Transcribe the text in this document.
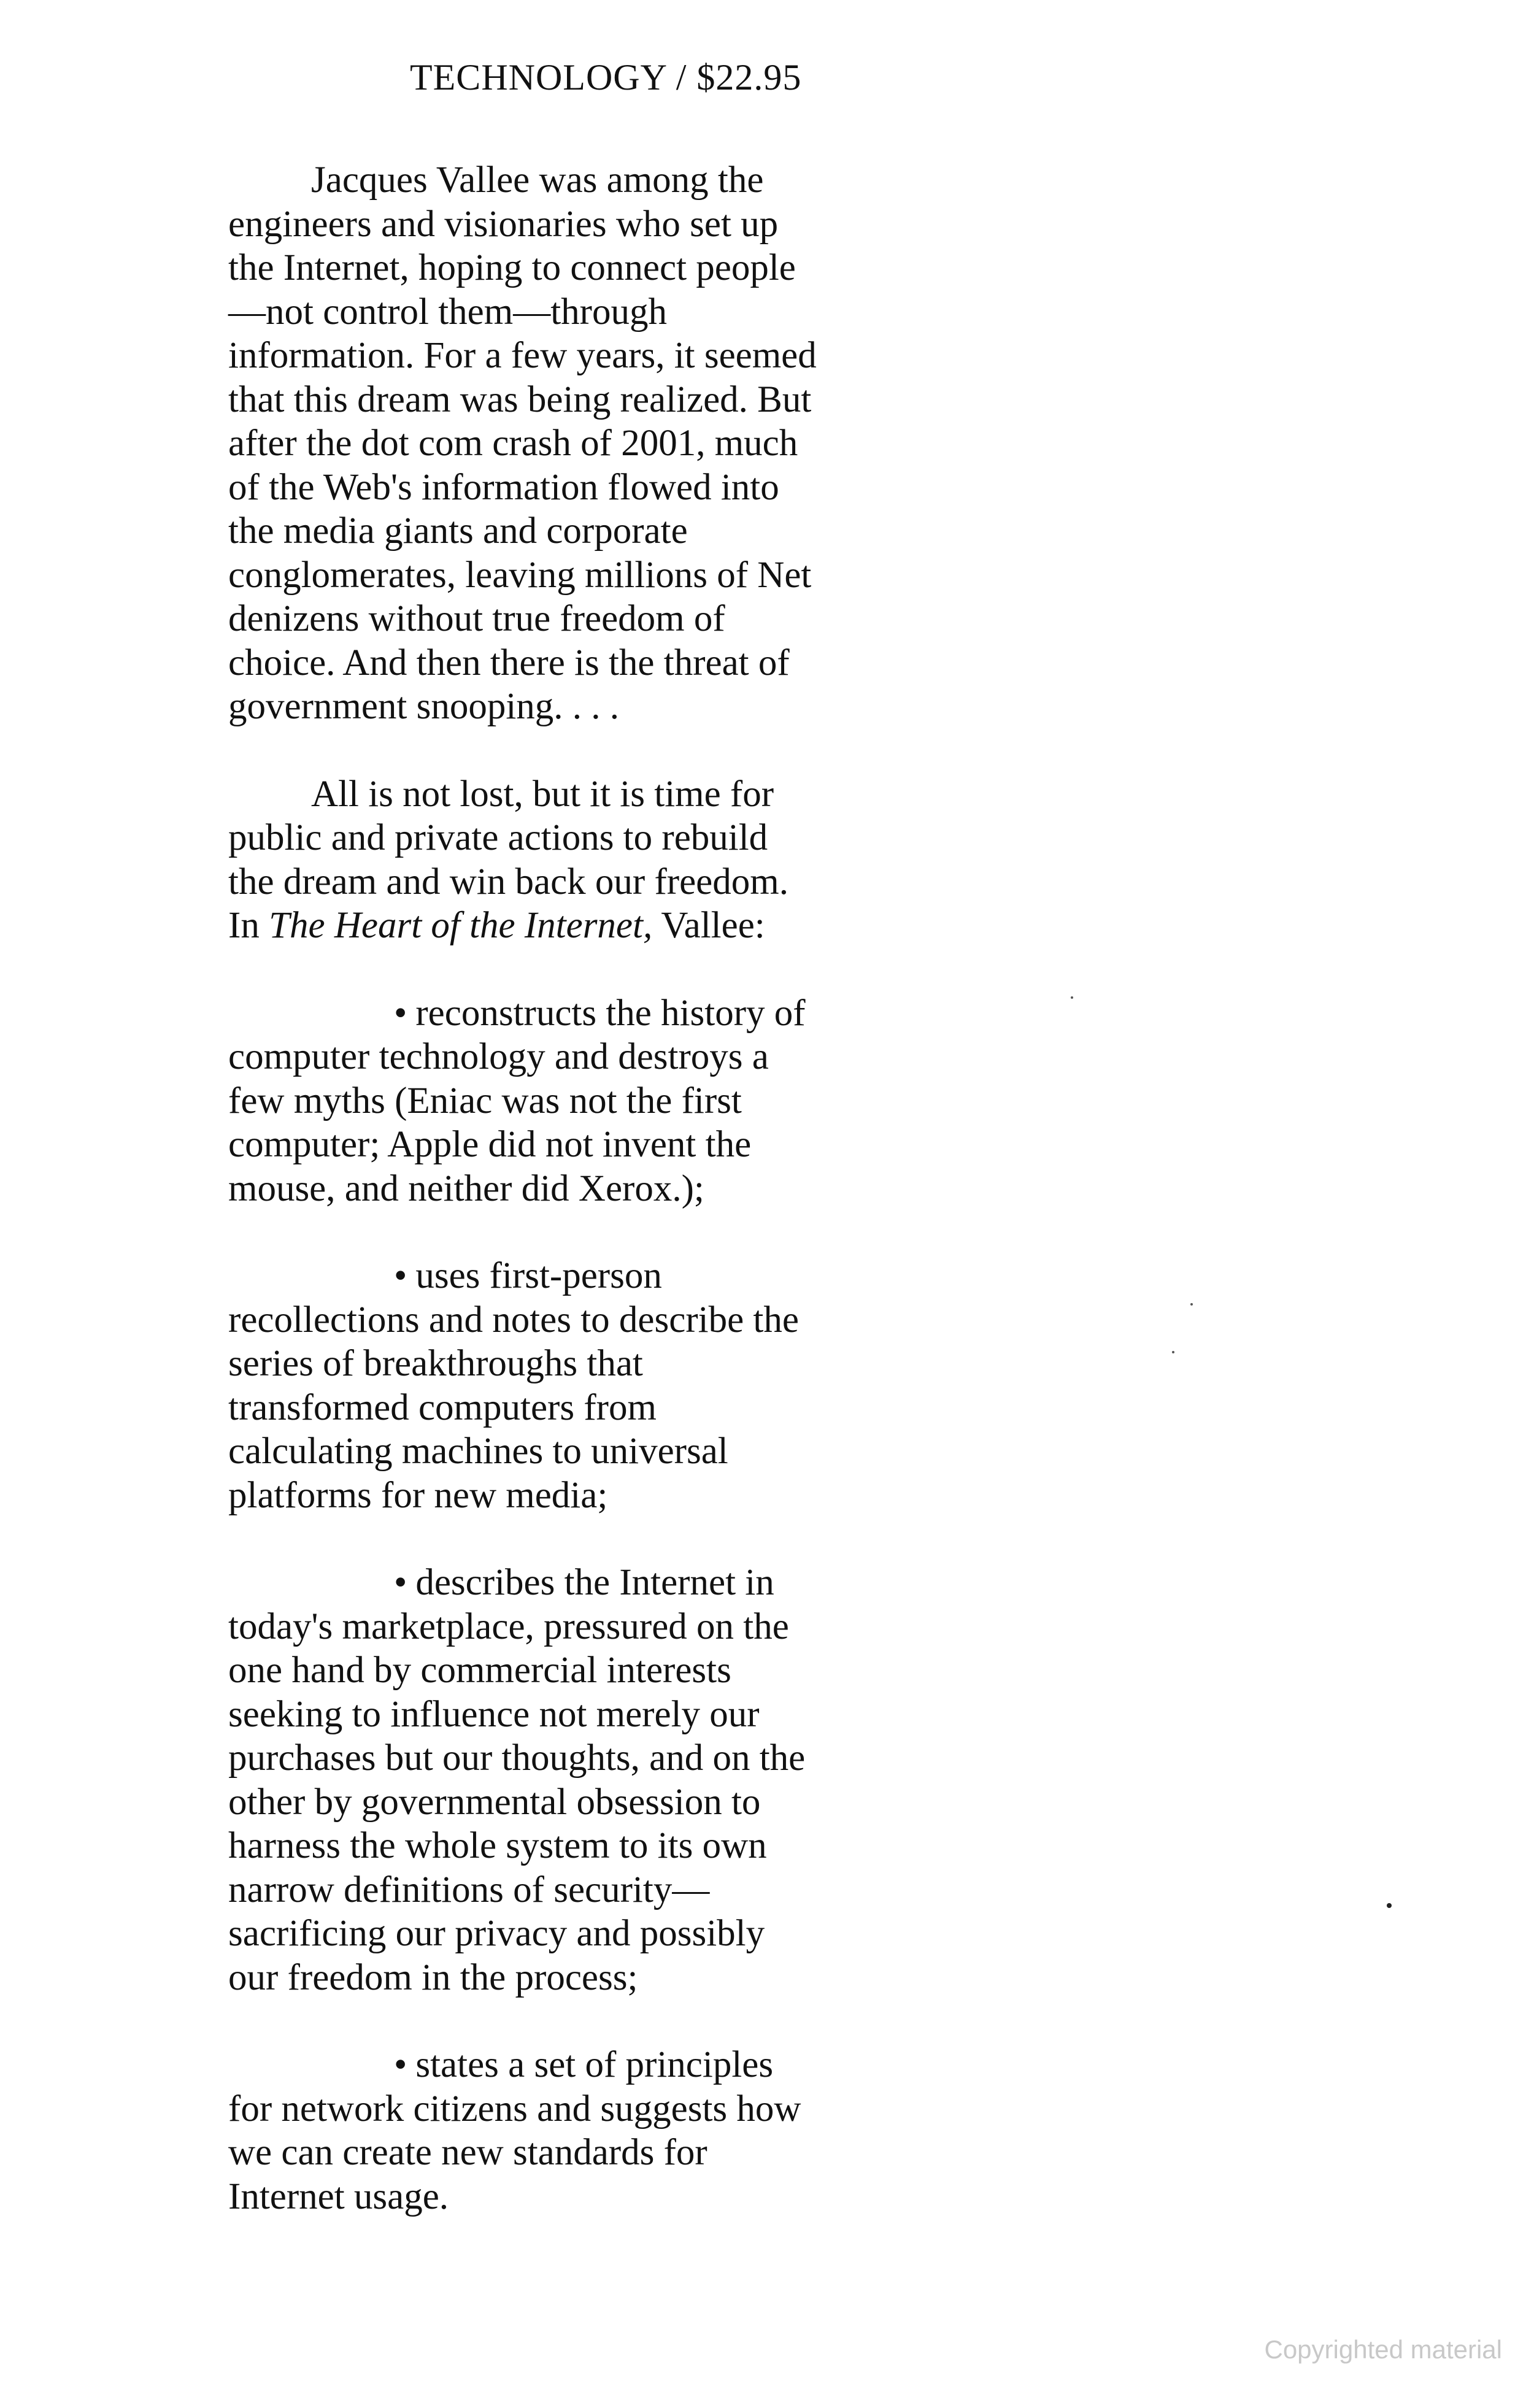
TECHNOLOGY / $22.95

Jacques Vallee was among the engineers and visionaries who set up the Internet, hoping to connect people—not control them—through information. For a few years, it seemed that this dream was being realized. But after the dot com crash of 2001, much of the Web's information flowed into the media giants and corporate conglomerates, leaving millions of Net denizens without true freedom of choice. And then there is the threat of government snooping. . . .

All is not lost, but it is time for public and private actions to rebuild the dream and win back our freedom. In The Heart of the Internet, Vallee:

• reconstructs the history of computer technology and destroys a few myths (Eniac was not the first computer; Apple did not invent the mouse, and neither did Xerox.);

• uses first-person recollections and notes to describe the series of breakthroughs that transformed computers from calculating machines to universal platforms for new media;

• describes the Internet in today's marketplace, pressured on the one hand by commercial interests seeking to influence not merely our purchases but our thoughts, and on the other by governmental obsession to harness the whole system to its own narrow definitions of security—sacrificing our privacy and possibly our freedom in the process;

• states a set of principles for network citizens and suggests how we can create new standards for Internet usage.

Copyrighted material
